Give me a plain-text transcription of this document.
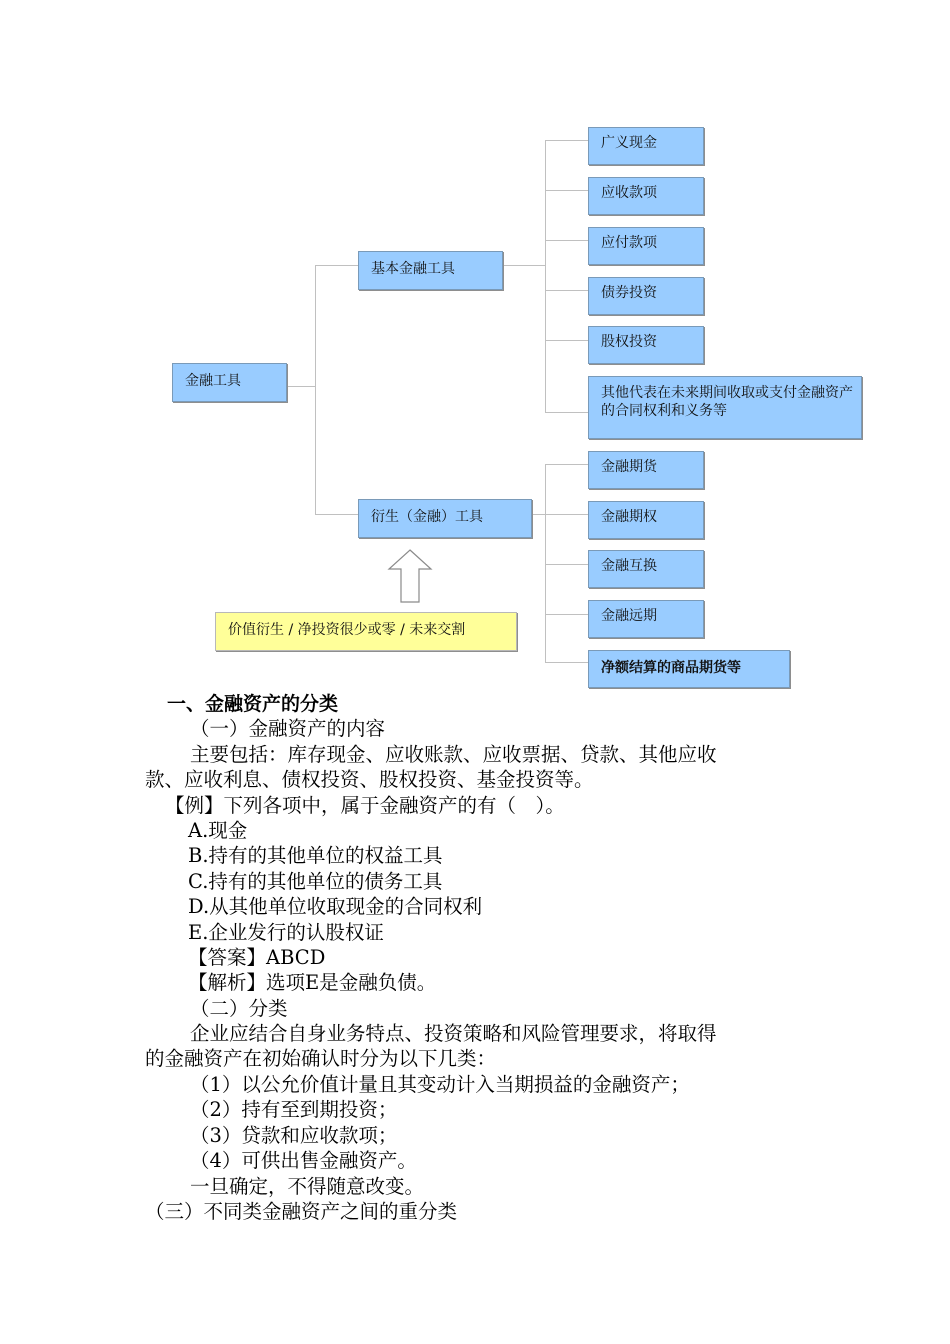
金融工具
基本金融工具
衍生（金融）工具
广义现金
应收款项
应付款项
债券投资
股权投资
其他代表在未来期间收取或支付金融资产的合同权利和义务等
金融期货
金融期权
金融互换
金融远期
净额结算的商品期货等
价值衍生 / 净投资很少或零 / 未来交割
一、金融资产的分类
（一）金融资产的内容
主要包括：库存现金、应收账款、应收票据、贷款、其他应收
款、应收利息、债权投资、股权投资、基金投资等。
【例】下列各项中，属于金融资产的有（　）。
A.现金
B.持有的其他单位的权益工具
C.持有的其他单位的债务工具
D.从其他单位收取现金的合同权利
E.企业发行的认股权证
【答案】ABCD
【解析】选项E是金融负债。
（二）分类
企业应结合自身业务特点、投资策略和风险管理要求，将取得
的金融资产在初始确认时分为以下几类：
（1）以公允价值计量且其变动计入当期损益的金融资产；
（2）持有至到期投资；
（3）贷款和应收款项；
（4）可供出售金融资产。
一旦确定，不得随意改变。
（三）不同类金融资产之间的重分类
